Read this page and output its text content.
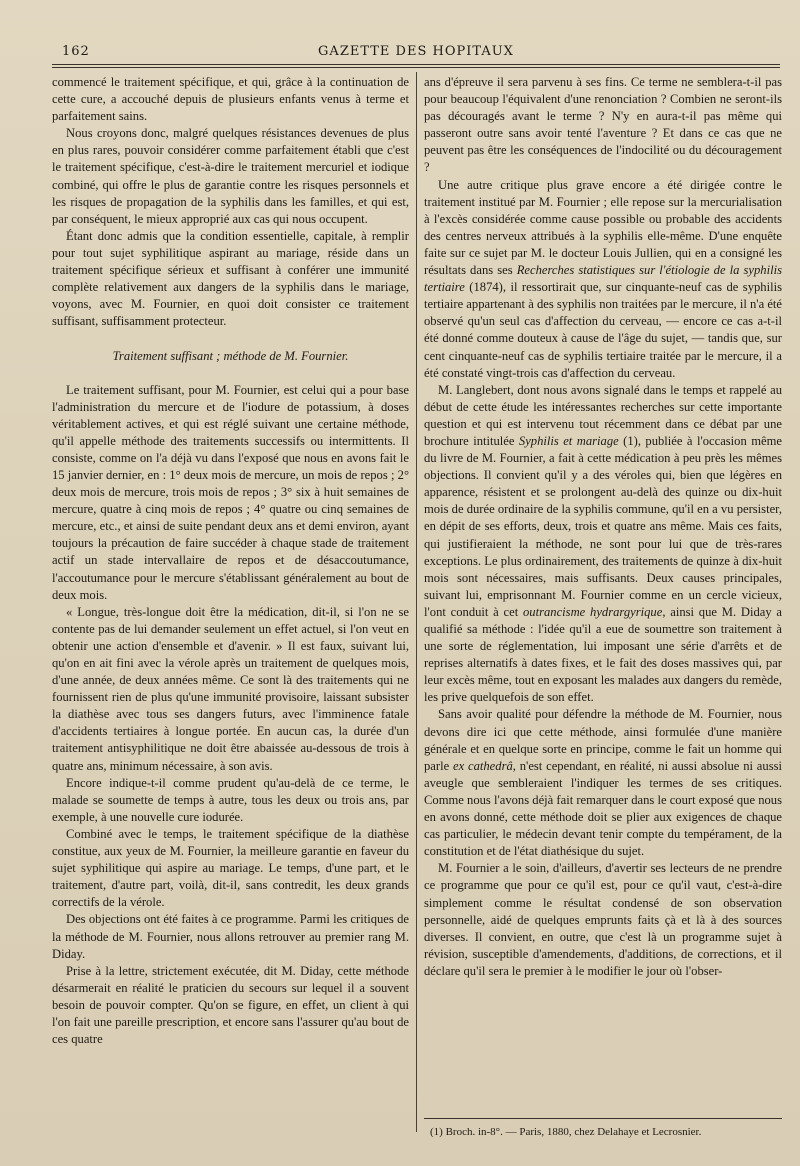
162	GAZETTE DES HOPITAUX

commencé le traitement spécifique, et qui, grâce à la continuation de cette cure, a accouché depuis de plusieurs enfants venus à terme et parfaitement sains.

Nous croyons donc, malgré quelques résistances devenues de plus en plus rares, pouvoir considérer comme parfaitement établi que c'est le traitement spécifique, c'est-à-dire le traitement mercuriel et iodique combiné, qui offre le plus de garantie contre les risques personnels et les risques de propagation de la syphilis dans les familles, et qui est, par conséquent, le mieux approprié aux cas qui nous occupent.

Étant donc admis que la condition essentielle, capitale, à remplir pour tout sujet syphilitique aspirant au mariage, réside dans un traitement spécifique sérieux et suffisant à conférer une immunité complète relativement aux dangers de la syphilis dans le mariage, voyons, avec M. Fournier, en quoi doit consister ce traitement suffisant, suffisamment protecteur.

Traitement suffisant ; méthode de M. Fournier.

Le traitement suffisant, pour M. Fournier, est celui qui a pour base l'administration du mercure et de l'iodure de potassium, à doses véritablement actives, et qui est réglé suivant une certaine méthode, qu'il appelle méthode des traitements successifs ou intermittents. Il consiste, comme on l'a déjà vu dans l'exposé que nous en avons fait le 15 janvier dernier, en : 1° deux mois de mercure, un mois de repos ; 2° deux mois de mercure, trois mois de repos ; 3° six à huit semaines de mercure, quatre à cinq mois de repos ; 4° quatre ou cinq semaines de mercure, etc., et ainsi de suite pendant deux ans et demi environ, ayant toujours la précaution de faire succéder à chaque stade de traitement actif un stade intervallaire de repos et de désaccoutumance, l'accoutumance pour le mercure s'établissant généralement au bout de deux mois.

« Longue, très-longue doit être la médication, dit-il, si l'on ne se contente pas de lui demander seulement un effet actuel, si l'on veut en obtenir une action d'ensemble et d'avenir. » Il est faux, suivant lui, qu'on en ait fini avec la vérole après un traitement de quelques mois, d'une année, de deux années même. Ce sont là des traitements qui ne fournissent rien de plus qu'une immunité provisoire, laissant subsister la diathèse avec tous ses dangers futurs, avec l'imminence fatale d'accidents tertiaires à longue portée. En aucun cas, la durée d'un traitement antisyphilitique ne doit être abaissée au-dessous de trois à quatre ans, minimum nécessaire, à son avis.

Encore indique-t-il comme prudent qu'au-delà de ce terme, le malade se soumette de temps à autre, tous les deux ou trois ans, par exemple, à une nouvelle cure iodurée.

Combiné avec le temps, le traitement spécifique de la diathèse constitue, aux yeux de M. Fournier, la meilleure garantie en faveur du sujet syphilitique qui aspire au mariage. Le temps, d'une part, et le traitement, d'autre part, voilà, dit-il, sans contredit, les deux grands correctifs de la vérole.

Des objections ont été faites à ce programme. Parmi les critiques de la méthode de M. Fournier, nous allons retrouver au premier rang M. Diday.

Prise à la lettre, strictement exécutée, dit M. Diday, cette méthode désarmerait en réalité le praticien du secours sur lequel il a souvent besoin de pouvoir compter. Qu'on se figure, en effet, un client à qui l'on fait une pareille prescription, et encore sans l'assurer qu'au bout de ces quatre

ans d'épreuve il sera parvenu à ses fins. Ce terme ne semblera-t-il pas pour beaucoup l'équivalent d'une renonciation ? Combien ne seront-ils pas découragés avant le terme ? N'y en aura-t-il pas même qui passeront outre sans avoir tenté l'aventure ? Et dans ce cas que ne peuvent pas être les conséquences de l'indocilité ou du découragement ?

Une autre critique plus grave encore a été dirigée contre le traitement institué par M. Fournier ; elle repose sur la mercurialisation à l'excès considérée comme cause possible ou probable des accidents des centres nerveux attribués à la syphilis elle-même. D'une enquête faite sur ce sujet par M. le docteur Louis Jullien, qui en a consigné les résultats dans ses Recherches statistiques sur l'étiologie de la syphilis tertiaire (1874), il ressortirait que, sur cinquante-neuf cas de syphilis tertiaire appartenant à des syphilis non traitées par le mercure, il n'a été observé qu'un seul cas d'affection du cerveau, — encore ce cas a-t-il été donné comme douteux à cause de l'âge du sujet, — tandis que, sur cent cinquante-neuf cas de syphilis tertiaire traitée par le mercure, il a été constaté vingt-trois cas d'affection du cerveau.

M. Langlebert, dont nous avons signalé dans le temps et rappelé au début de cette étude les intéressantes recherches sur cette importante question et qui est intervenu tout récemment dans ce débat par une brochure intitulée Syphilis et mariage (1), publiée à l'occasion même du livre de M. Fournier, a fait à cette médication à peu près les mêmes objections. Il convient qu'il y a des véroles qui, bien que légères en apparence, résistent et se prolongent au-delà des quinze ou dix-huit mois de durée ordinaire de la syphilis commune, qu'il en a vu persister, en dépit de ses efforts, deux, trois et quatre ans même. Mais ces faits, qui justifieraient la méthode, ne sont pour lui que de très-rares exceptions. Le plus ordinairement, des traitements de quinze à dix-huit mois sont nécessaires, mais suffisants. Deux causes principales, suivant lui, emprisonnant M. Fournier comme en un cercle vicieux, l'ont conduit à cet outrancisme hydrargyrique, ainsi que M. Diday a qualifié sa méthode : l'idée qu'il a eue de soumettre son traitement à une sorte de réglementation, lui imposant une série d'arrêts et de reprises alternatifs à dates fixes, et le fait des doses massives qui, par leur excès même, tout en exposant les malades aux dangers du remède, les prive quelquefois de son effet.

Sans avoir qualité pour défendre la méthode de M. Fournier, nous devons dire ici que cette méthode, ainsi formulée d'une manière générale et en quelque sorte en principe, comme le fait un homme qui parle ex cathedrâ, n'est cependant, en réalité, ni aussi absolue ni aussi aveugle que sembleraient l'indiquer les termes de ses critiques. Comme nous l'avons déjà fait remarquer dans le court exposé que nous en avons donné, cette méthode doit se plier aux exigences de chaque cas particulier, le médecin devant tenir compte du tempérament, de la constitution et de l'état diathésique du sujet.

M. Fournier a le soin, d'ailleurs, d'avertir ses lecteurs de ne prendre ce programme que pour ce qu'il est, pour ce qu'il vaut, c'est-à-dire simplement comme le résultat condensé de son observation personnelle, aidé de quelques emprunts faits çà et là à des sources diverses. Il convient, en outre, que c'est là un programme sujet à révision, susceptible d'amendements, d'additions, de corrections, et il déclare qu'il sera le premier à le modifier le jour où l'obser-

(1) Broch. in-8°. — Paris, 1880, chez Delahaye et Lecrosnier.
